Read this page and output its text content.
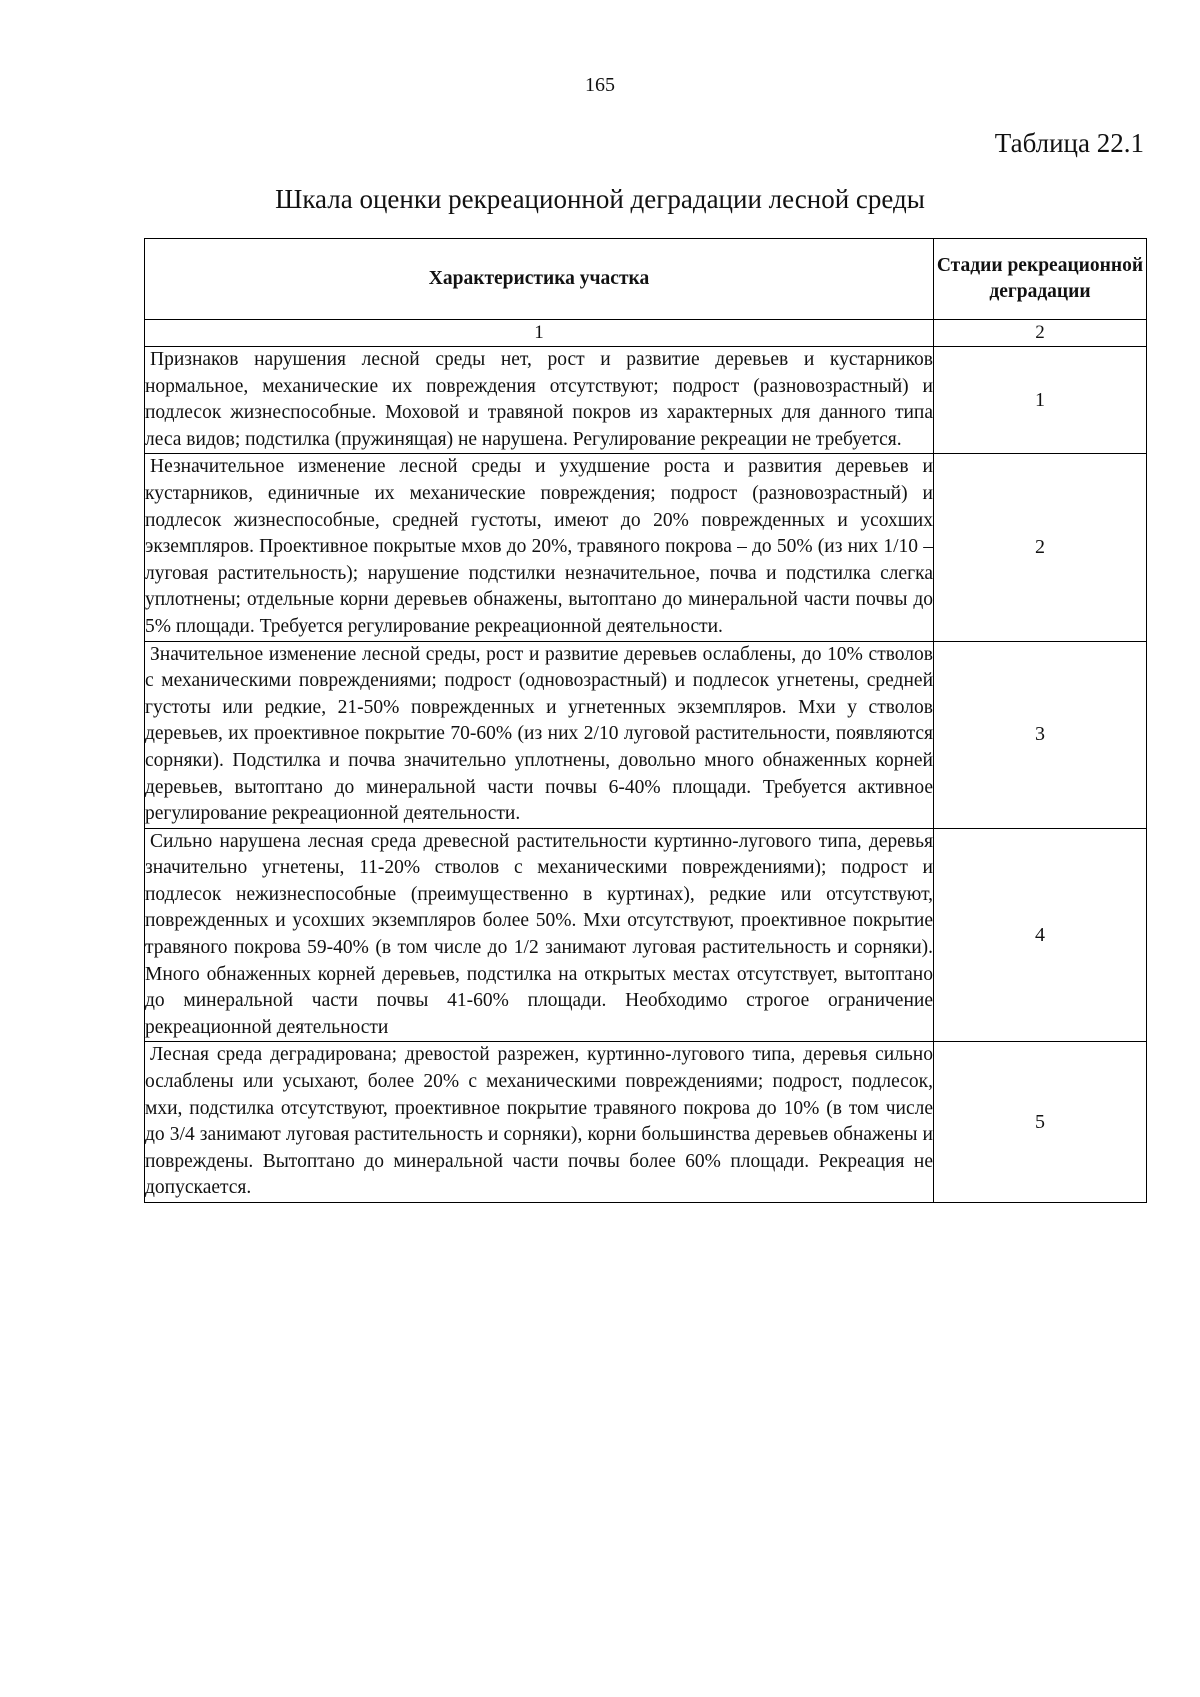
165
Таблица 22.1
Шкала оценки рекреационной деградации лесной среды
Характеристика участка	Стадии рекреационной деградации
1	2
Признаков нарушения лесной среды нет, рост и развитие деревьев и кустарников нормальное, механические их повреждения отсутствуют; подрост (разновозрастный) и подлесок жизнеспособные. Моховой и травяной покров из характерных для данного типа леса видов; подстилка (пружинящая) не нарушена. Регулирование рекреации не требуется.	1
Незначительное изменение лесной среды и ухудшение роста и развития деревьев и кустарников, единичные их механические повреждения; подрост (разновозрастный) и подлесок жизнеспособные, средней густоты, имеют до 20% поврежденных и усохших экземпляров. Проективное покрытые мхов до 20%, травяного покрова – до 50% (из них 1/10 – луговая растительность); нарушение подстилки незначительное, почва и подстилка слегка уплотнены; отдельные корни деревьев обнажены, вытоптано до минеральной части почвы до 5% площади. Требуется регулирование рекреационной деятельности.	2
Значительное изменение лесной среды, рост и развитие деревьев ослаблены, до 10% стволов с механическими повреждениями; подрост (одновозрастный) и подлесок угнетены, средней густоты или редкие, 21-50% поврежденных и угнетенных экземпляров. Мхи у стволов деревьев, их проективное покрытие 70-60% (из них 2/10 луговой растительности, появляются сорняки). Подстилка и почва значительно уплотнены, довольно много обнаженных корней деревьев, вытоптано до минеральной части почвы 6-40% площади. Требуется активное регулирование рекреационной деятельности.	3
Сильно нарушена лесная среда древесной растительности куртинно-лугового типа, деревья значительно угнетены, 11-20% стволов с механическими повреждениями); подрост и подлесок нежизнеспособные (преимущественно в куртинах), редкие или отсутствуют, поврежденных и усохших экземпляров более 50%. Мхи отсутствуют, проективное покрытие травяного покрова 59-40% (в том числе до 1/2 занимают луговая растительность и сорняки). Много обнаженных корней деревьев, подстилка на открытых местах отсутствует, вытоптано до минеральной части почвы 41-60% площади. Необходимо строгое ограничение рекреационной деятельности	4
Лесная среда деградирована; древостой разрежен, куртинно-лугового типа, деревья сильно ослаблены или усыхают, более 20% с механическими повреждениями; подрост, подлесок, мхи, подстилка отсутствуют, проективное покрытие травяного покрова до 10% (в том числе до 3/4 занимают луговая растительность и сорняки), корни большинства деревьев обнажены и повреждены. Вытоптано до минеральной части почвы более 60% площади. Рекреация не допускается.	5
